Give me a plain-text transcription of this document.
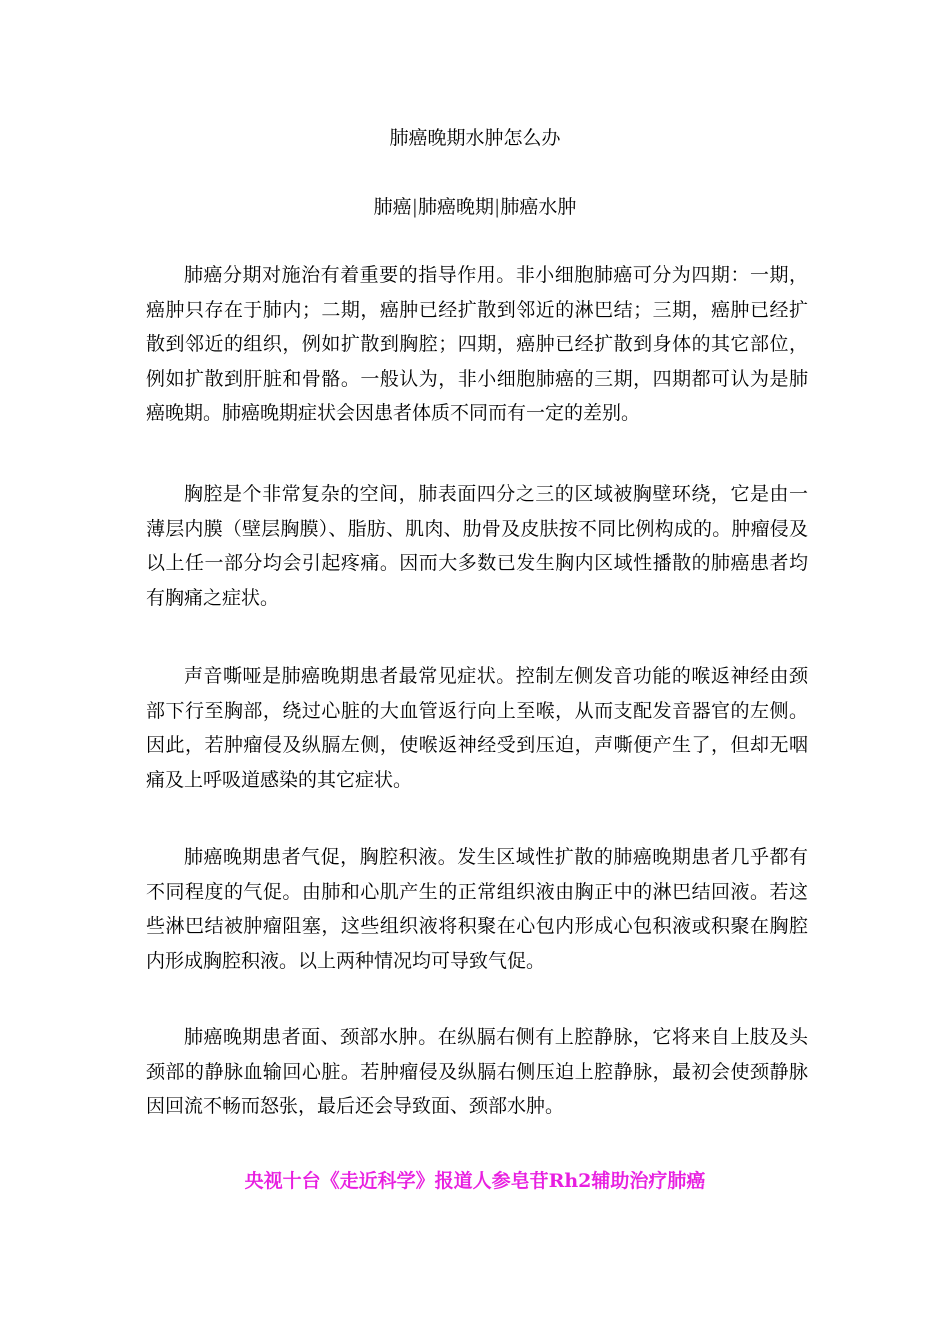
肺癌晚期水肿怎么办
肺癌|肺癌晚期|肺癌水肿

肺癌分期对施治有着重要的指导作用。非小细胞肺癌可分为四期：一期，癌肿只存在于肺内；二期，癌肿已经扩散到邻近的淋巴结；三期，癌肿已经扩散到邻近的组织，例如扩散到胸腔；四期，癌肿已经扩散到身体的其它部位，例如扩散到肝脏和骨骼。一般认为，非小细胞肺癌的三期，四期都可认为是肺癌晚期。肺癌晚期症状会因患者体质不同而有一定的差别。

胸腔是个非常复杂的空间，肺表面四分之三的区域被胸壁环绕，它是由一薄层内膜（壁层胸膜）、脂肪、肌肉、肋骨及皮肤按不同比例构成的。肿瘤侵及以上任一部分均会引起疼痛。因而大多数已发生胸内区域性播散的肺癌患者均有胸痛之症状。

声音嘶哑是肺癌晚期患者最常见症状。控制左侧发音功能的喉返神经由颈部下行至胸部，绕过心脏的大血管返行向上至喉，从而支配发音器官的左侧。因此，若肿瘤侵及纵膈左侧，使喉返神经受到压迫，声嘶便产生了，但却无咽痛及上呼吸道感染的其它症状。

肺癌晚期患者气促，胸腔积液。发生区域性扩散的肺癌晚期患者几乎都有不同程度的气促。由肺和心肌产生的正常组织液由胸正中的淋巴结回液。若这些淋巴结被肿瘤阻塞，这些组织液将积聚在心包内形成心包积液或积聚在胸腔内形成胸腔积液。以上两种情况均可导致气促。

肺癌晚期患者面、颈部水肿。在纵膈右侧有上腔静脉，它将来自上肢及头颈部的静脉血输回心脏。若肿瘤侵及纵膈右侧压迫上腔静脉，最初会使颈静脉因回流不畅而怒张，最后还会导致面、颈部水肿。

央视十台《走近科学》报道人参皂苷Rh2辅助治疗肺癌
